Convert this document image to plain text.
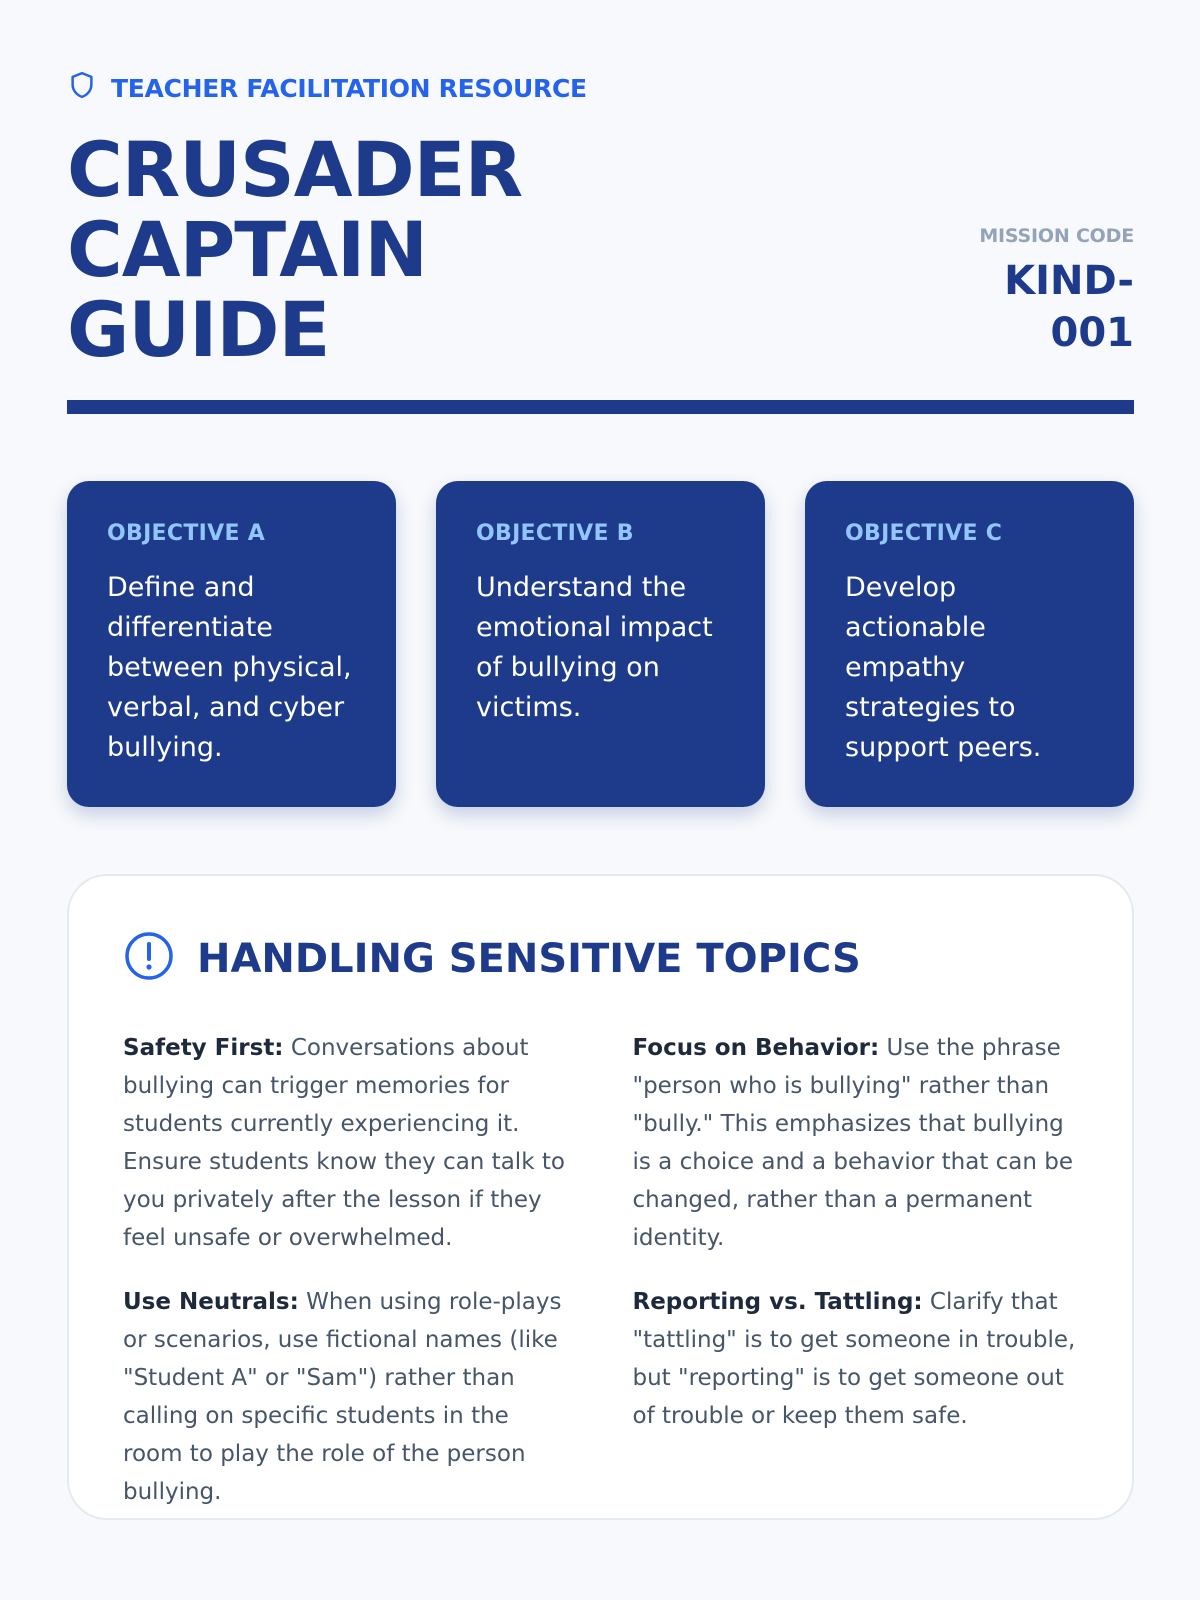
TEACHER FACILITATION RESOURCE
CRUSADER
CAPTAIN
GUIDE
MISSION CODE
KIND-001
OBJECTIVE A
Define and differentiate between physical, verbal, and cyber bullying.
OBJECTIVE B
Understand the emotional impact of bullying on victims.
OBJECTIVE C
Develop actionable empathy strategies to support peers.
HANDLING SENSITIVE TOPICS

Safety First: Conversations about bullying can trigger memories for students currently experiencing it. Ensure students know they can talk to you privately after the lesson if they feel unsafe or overwhelmed.

Focus on Behavior: Use the phrase "person who is bullying" rather than "bully." This emphasizes that bullying is a choice and a behavior that can be changed, rather than a permanent identity.

Use Neutrals: When using role-plays or scenarios, use fictional names (like "Student A" or "Sam") rather than calling on specific students in the room to play the role of the person bullying.

Reporting vs. Tattling: Clarify that "tattling" is to get someone in trouble, but "reporting" is to get someone out of trouble or keep them safe.
